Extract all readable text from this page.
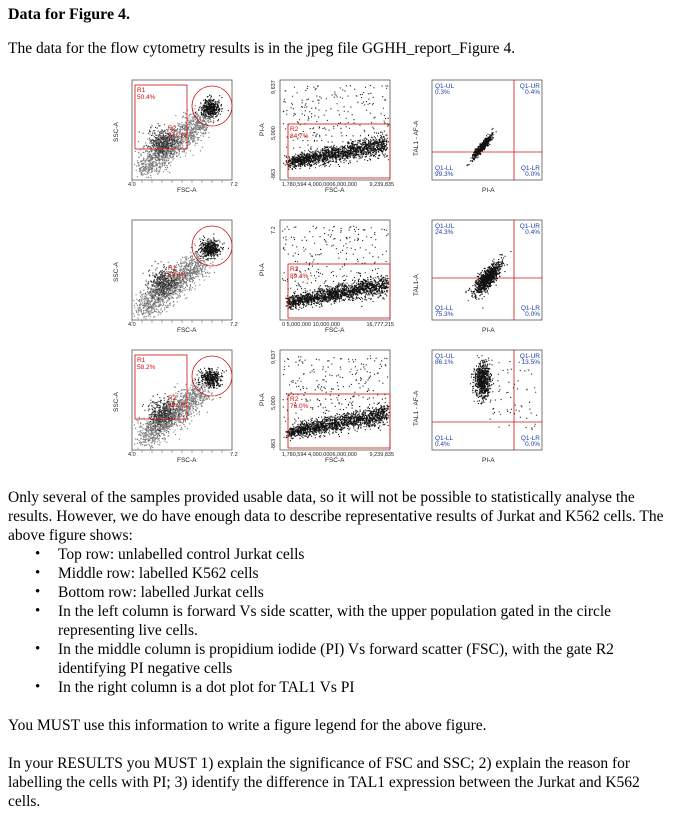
Data for Figure 4.
The data for the flow cytometry results is in the jpeg file GGHH_report_Figure 4.
R1
50.4%
R2
97.2%
FSC-A
SSC-A
4.0	7.2
R2
84.7%
FSC-A
PI-A
1,780,594 4,000,0006,000,000 9,239,835
9,637
5,000
-863
Q1-UL
0.3%
Q1-UR
0.4%
Q1-LL
99.3%
Q1-LR
0.0%
PI-A
TAL1 - AF-A
R1
30.3%
FSC-A
SSC-A
4.0	7.2
R2
89.4%
FSC-A
PI-A
0 5,000,000 10,000,000	16,777,215
7.2	Q1-UL
24.3%
Q1-UR
0.4%
Q1-LL
75.3%
Q1-LR
0.0%
PI-A
TAL1-A
R1
58.2%
R2
99.2%
FSC-A
SSC-A
4.0	7.2
R2
76.0%
FSC-A
PI-A
1,780,594 4,000,0006,000,000 9,239,835
9,637
5,000
-863
Q1-UL
86.1%
Q1-UR
13.5%
Q1-LL
0.4%
Q1-LR
0.0%
PI-A
TAL1 - AF-A

Only several of the samples provided usable data, so it will not be possible to statistically analyse the results. However, we do have enough data to describe representative results of Jurkat and K562 cells. The above figure shows:

• Top row: unlabelled control Jurkat cells
• Middle row: labelled K562 cells
• Bottom row: labelled Jurkat cells
• In the left column is forward Vs side scatter, with the upper population gated in the circle representing live cells.
• In the middle column is propidium iodide (PI) Vs forward scatter (FSC), with the gate R2 identifying PI negative cells
• In the right column is a dot plot for TAL1 Vs PI

You MUST use this information to write a figure legend for the above figure.

In your RESULTS you MUST 1) explain the significance of FSC and SSC; 2) explain the reason for labelling the cells with PI; 3) identify the difference in TAL1 expression between the Jurkat and K562 cells.
